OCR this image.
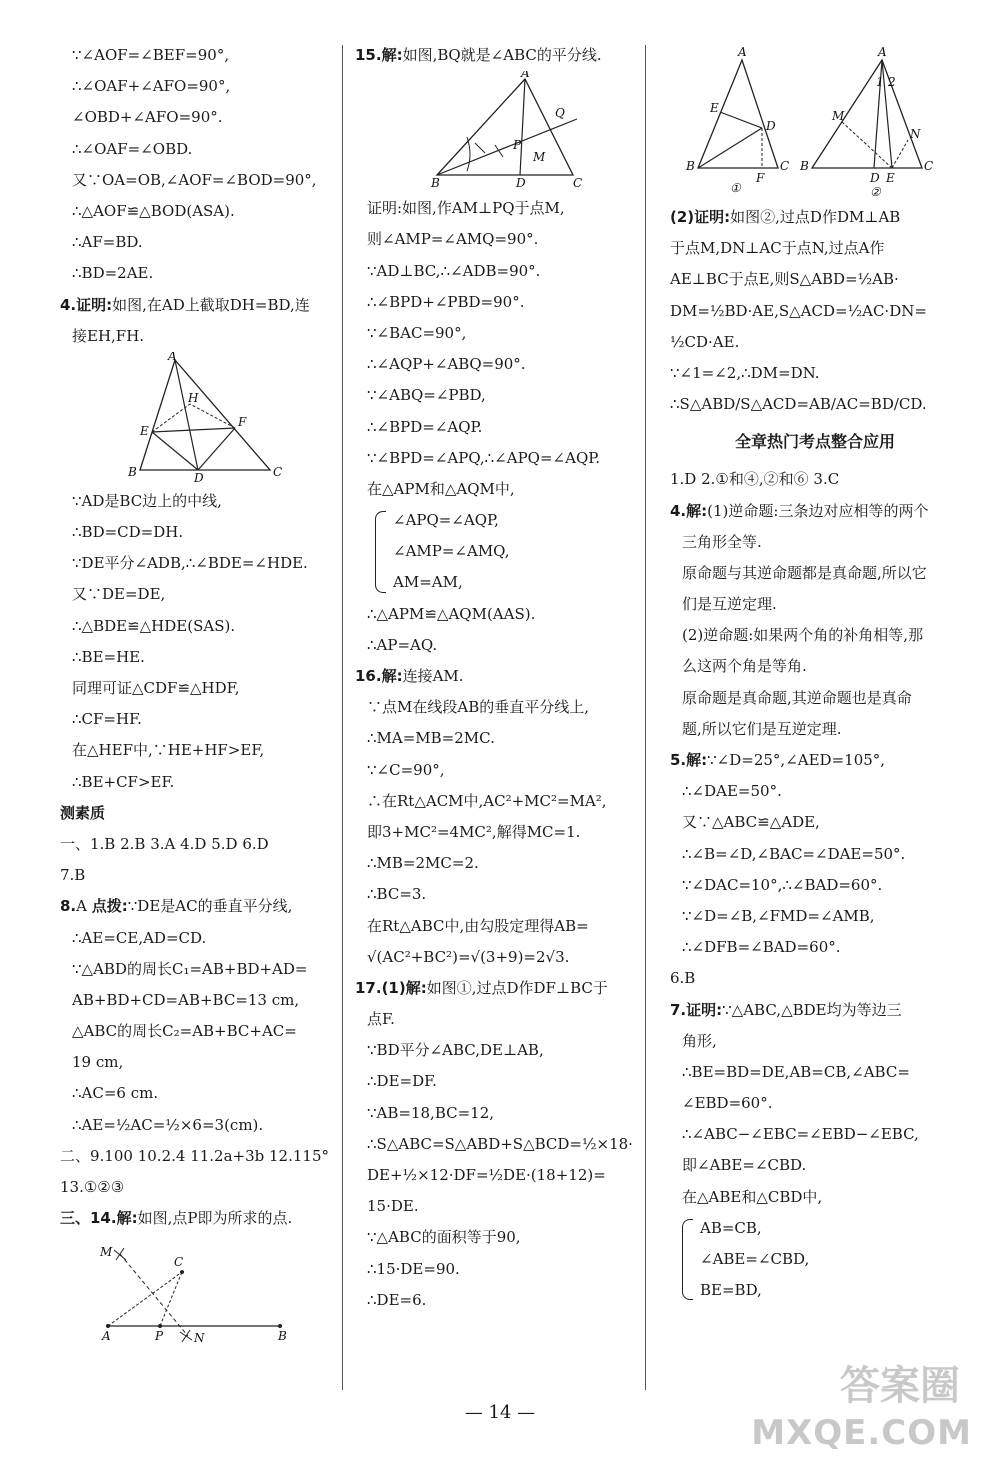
∵∠AOF=∠BEF=90°,
∴∠OAF+∠AFO=90°,
∠OBD+∠AFO=90°.
∴∠OAF=∠OBD.
又∵OA=OB,∠AOF=∠BOD=90°,
∴△AOF≌△BOD(ASA).
∴AF=BD.
∴BD=2AE.
4.证明:如图,在AD上截取DH=BD,连
接EH,FH.
A
H
E
F
B	D	C
∵AD是BC边上的中线,
∴BD=CD=DH.
∵DE平分∠ADB,∴∠BDE=∠HDE.
又∵DE=DE,
∴△BDE≌△HDE(SAS).
∴BE=HE.
同理可证△CDF≌△HDF,
∴CF=HF.
在△HEF中,∵HE+HF>EF,
∴BE+CF>EF.
测素质
一、1.B 2.B 3.A 4.D 5.D 6.D
7.B
8.A 点拨:∵DE是AC的垂直平分线,
∴AE=CE,AD=CD.
∵△ABD的周长C₁=AB+BD+AD=
AB+BD+CD=AB+BC=13 cm,
△ABC的周长C₂=AB+BC+AC=
19 cm,
∴AC=6 cm.
∴AE=½AC=½×6=3(cm).
二、9.100 10.2.4 11.2a+3b 12.115°
13.①②③
三、14.解:如图,点P即为所求的点.
M
C
A	P	B
N
15.解:如图,BQ就是∠ABC的平分线.
A
P
M
Q
B	D	C
证明:如图,作AM⊥PQ于点M,
则∠AMP=∠AMQ=90°.
∵AD⊥BC,∴∠ADB=90°.
∴∠BPD+∠PBD=90°.
∵∠BAC=90°,
∴∠AQP+∠ABQ=90°.
∵∠ABQ=∠PBD,
∴∠BPD=∠AQP.
∵∠BPD=∠APQ,∴∠APQ=∠AQP.
在△APM和△AQM中,
∠APQ=∠AQP,
∠AMP=∠AMQ,
AM=AM,
∴△APM≌△AQM(AAS).
∴AP=AQ.
16.解:连接AM.
∵点M在线段AB的垂直平分线上,
∴MA=MB=2MC.
∵∠C=90°,
∴在Rt△ACM中,AC²+MC²=MA²,
即3+MC²=4MC²,解得MC=1.
∴MB=2MC=2.
∴BC=3.
在Rt△ABC中,由勾股定理得AB=
√(AC²+BC²)=√(3+9)=2√3.
17.(1)解:如图①,过点D作DF⊥BC于
点F.
∵BD平分∠ABC,DE⊥AB,
∴DE=DF.
∵AB=18,BC=12,
∴S△ABC=S△ABD+S△BCD=½×18·
DE+½×12·DF=½DE·(18+12)=
15·DE.
∵△ABC的面积等于90,
∴15·DE=90.
∴DE=6.
A
E
D
B
F
C
①
A
1 2
M
N
B
D E
C
②
(2)证明:如图②,过点D作DM⊥AB
于点M,DN⊥AC于点N,过点A作
AE⊥BC于点E,则S△ABD=½AB·
DM=½BD·AE,S△ACD=½AC·DN=
½CD·AE.
∵∠1=∠2,∴DM=DN.
∴S△ABD/S△ACD=AB/AC=BD/CD.
全章热门考点整合应用
1.D 2.①和④,②和⑥ 3.C
4.解:(1)逆命题:三条边对应相等的两个
三角形全等.
原命题与其逆命题都是真命题,所以它
们是互逆定理.
(2)逆命题:如果两个角的补角相等,那
么这两个角是等角.
原命题是真命题,其逆命题也是真命
题,所以它们是互逆定理.
5.解:∵∠D=25°,∠AED=105°,
∴∠DAE=50°.
又∵△ABC≌△ADE,
∴∠B=∠D,∠BAC=∠DAE=50°.
∵∠DAC=10°,∴∠BAD=60°.
∵∠D=∠B,∠FMD=∠AMB,
∴∠DFB=∠BAD=60°.
6.B
7.证明:∵△ABC,△BDE均为等边三
角形,
∴BE=BD=DE,AB=CB,∠ABC=
∠EBD=60°.
∴∠ABC−∠EBC=∠EBD−∠EBC,
即∠ABE=∠CBD.
在△ABE和△CBD中,
AB=CB,
∠ABE=∠CBD,
BE=BD,
— 14 —
答案圈
MXQE.COM
